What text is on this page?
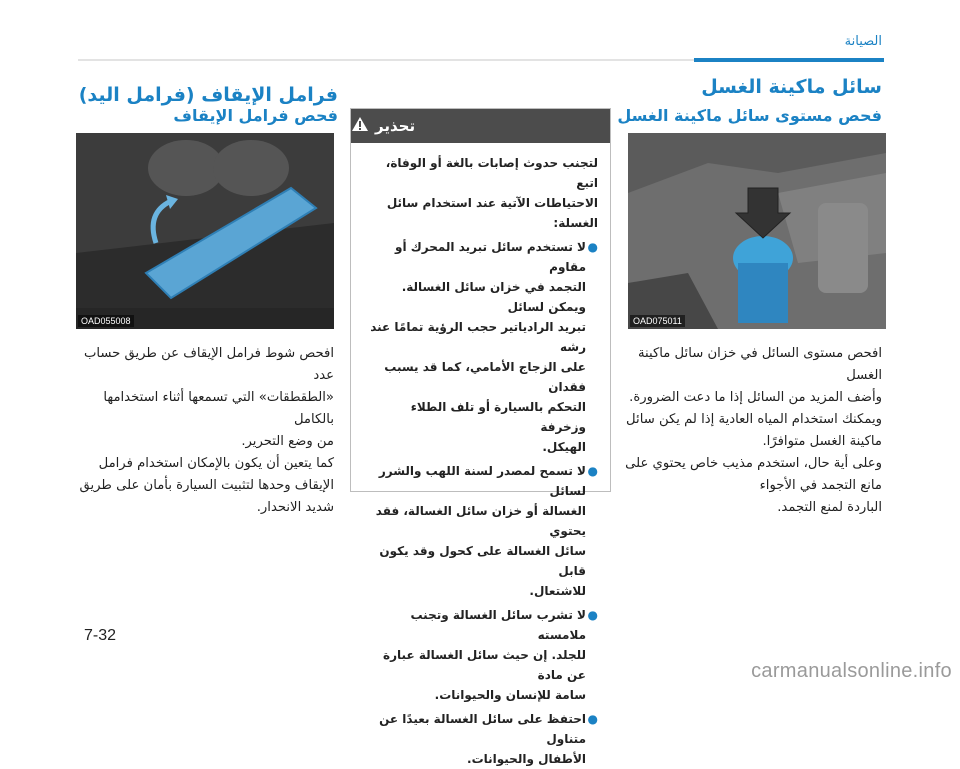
الصيانة
سائل ماكينة الغسل
فحص مستوى سائل ماكينة الغسل
OAD075011
افحص مستوى السائل في خزان سائل ماكينة الغسل
وأضف المزيد من السائل إذا ما دعت الضرورة.
ويمكنك استخدام المياه العادية إذا لم يكن سائل
ماكينة الغسل متوافرًا.
وعلى أية حال، استخدم مذيب خاص يحتوي على
مانع التجمد في الأجواء
الباردة لمنع التجمد.
تحذير
لتجنب حدوث إصابات بالغة أو الوفاة، اتبع
الاحتياطات الآتية عند استخدام سائل
الغسلة:
●
لا تستخدم سائل تبريد المحرك أو مقاوم
التجمد في خزان سائل الغسالة. ويمكن لسائل
تبريد الرادياتير حجب الرؤية تمامًا عند رشه
على الزجاج الأمامي، كما قد يسبب فقدان
التحكم بالسيارة أو تلف الطلاء وزخرفة
الهيكل.
●
لا تسمح لمصدر لسنة اللهب والشرر لسائل
الغسالة أو خزان سائل الغسالة، فقد يحتوي
سائل الغسالة على كحول وقد يكون قابل
للاشتعال.
●
لا تشرب سائل الغسالة وتجنب ملامسته
للجلد. إن حيث سائل الغسالة عبارة عن مادة
سامة للإنسان والحيوانات.
●
احتفظ على سائل الغسالة بعيدًا عن متناول
الأطفال والحيوانات.
فرامل الإيقاف (فرامل اليد)
فحص فرامل الإيقاف
OAD055008
افحص شوط فرامل الإيقاف عن طريق حساب عدد
«الطقطقات» التي تسمعها أثناء استخدامها بالكامل
من وضع التحرير.
كما يتعين أن يكون بالإمكان استخدام فرامل
الإيقاف وحدها لتثبيت السيارة بأمان على طريق
شديد الانحدار.
7-32
carmanualsonline.info
